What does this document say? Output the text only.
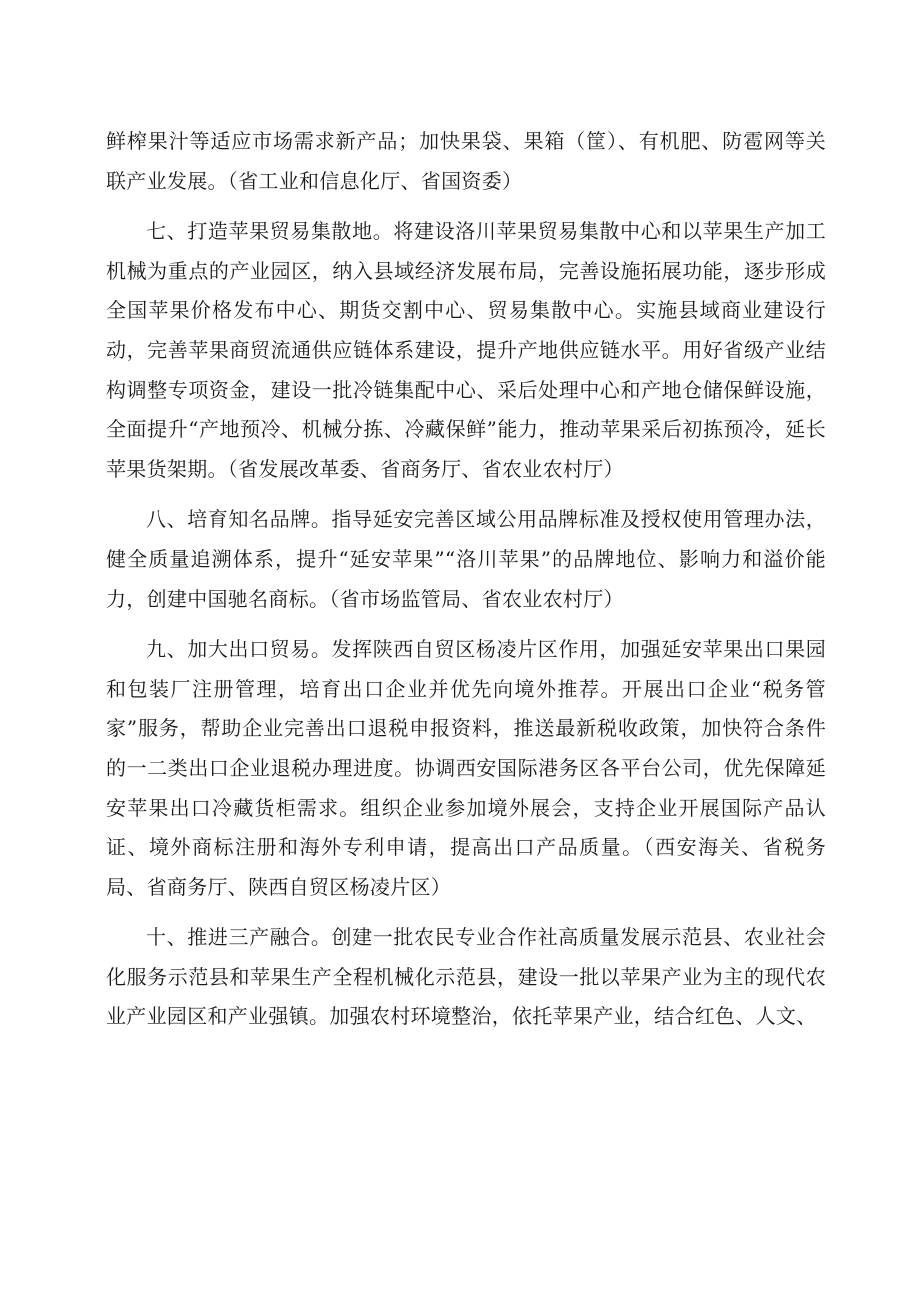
鲜榨果汁等适应市场需求新产品；加快果袋、果箱（筐）、有机肥、防雹网等关联产业发展。（省工业和信息化厅、省国资委）

七、打造苹果贸易集散地。将建设洛川苹果贸易集散中心和以苹果生产加工机械为重点的产业园区，纳入县域经济发展布局，完善设施拓展功能，逐步形成全国苹果价格发布中心、期货交割中心、贸易集散中心。实施县域商业建设行动，完善苹果商贸流通供应链体系建设，提升产地供应链水平。用好省级产业结构调整专项资金，建设一批冷链集配中心、采后处理中心和产地仓储保鲜设施，全面提升“产地预冷、机械分拣、冷藏保鲜”能力，推动苹果采后初拣预冷，延长苹果货架期。（省发展改革委、省商务厅、省农业农村厅）

八、培育知名品牌。指导延安完善区域公用品牌标准及授权使用管理办法，健全质量追溯体系，提升“延安苹果”“洛川苹果”的品牌地位、影响力和溢价能力，创建中国驰名商标。（省市场监管局、省农业农村厅）

九、加大出口贸易。发挥陕西自贸区杨凌片区作用，加强延安苹果出口果园和包装厂注册管理，培育出口企业并优先向境外推荐。开展出口企业“税务管家”服务，帮助企业完善出口退税申报资料，推送最新税收政策，加快符合条件的一二类出口企业退税办理进度。协调西安国际港务区各平台公司，优先保障延安苹果出口冷藏货柜需求。组织企业参加境外展会，支持企业开展国际产品认证、境外商标注册和海外专利申请，提高出口产品质量。（西安海关、省税务局、省商务厅、陕西自贸区杨凌片区）

十、推进三产融合。创建一批农民专业合作社高质量发展示范县、农业社会化服务示范县和苹果生产全程机械化示范县，建设一批以苹果产业为主的现代农业产业园区和产业强镇。加强农村环境整治，依托苹果产业，结合红色、人文、
